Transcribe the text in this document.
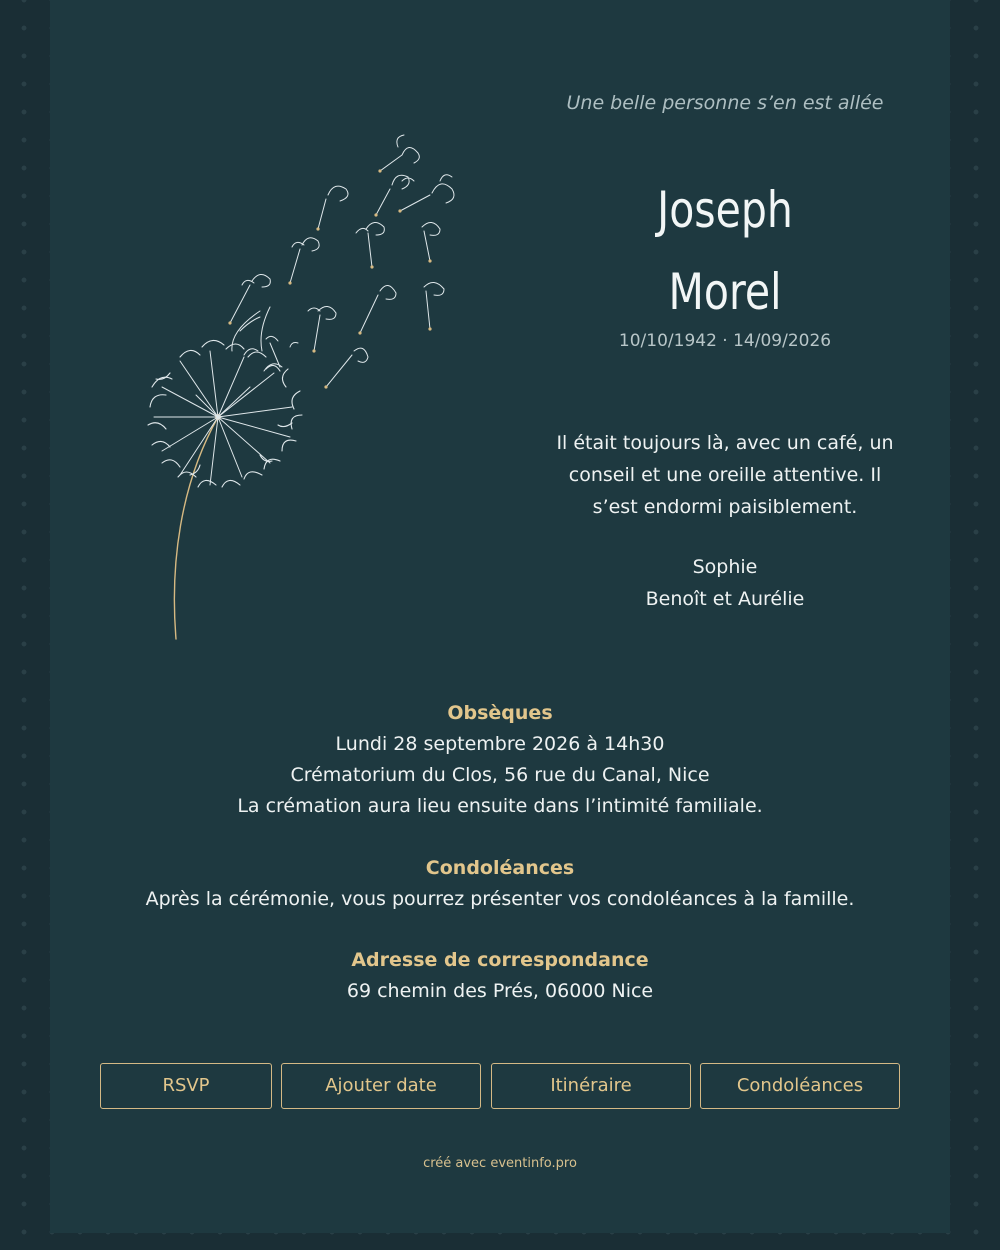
Une belle personne s’en est allée
Joseph
Morel
10/10/1942 · 14/09/2026
Il était toujours là, avec un café, un conseil et une oreille attentive. Il s’est endormi paisiblement.
Sophie
Benoît et Aurélie
Obsèques
Lundi 28 septembre 2026 à 14h30
Crématorium du Clos, 56 rue du Canal, Nice
La crémation aura lieu ensuite dans l’intimité familiale.
Condoléances
Après la cérémonie, vous pourrez présenter vos condoléances à la famille.
Adresse de correspondance
69 chemin des Prés, 06000 Nice
RSVP	Ajouter date	Itinéraire	Condoléances
créé avec eventinfo.pro
